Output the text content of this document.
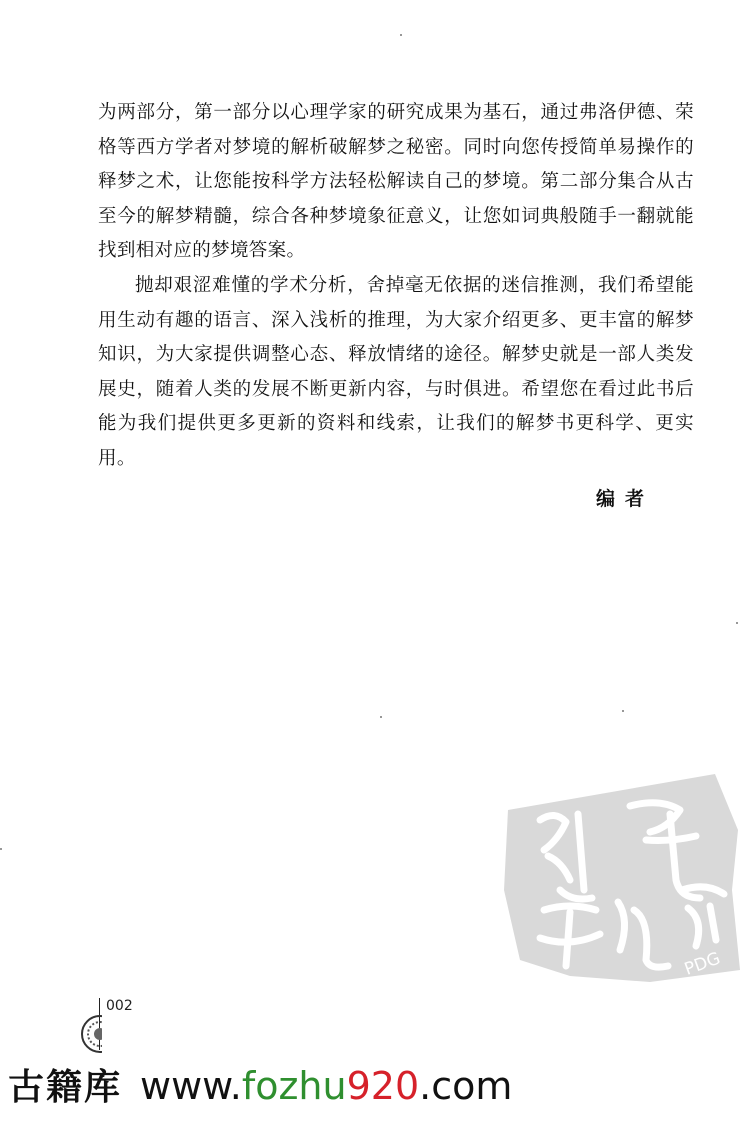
为两部分，第一部分以心理学家的研究成果为基石，通过弗洛伊德、荣格等西方学者对梦境的解析破解梦之秘密。同时向您传授简单易操作的释梦之术，让您能按科学方法轻松解读自己的梦境。第二部分集合从古至今的解梦精髓，综合各种梦境象征意义，让您如词典般随手一翻就能找到相对应的梦境答案。

抛却艰涩难懂的学术分析，舍掉毫无依据的迷信推测，我们希望能用生动有趣的语言、深入浅析的推理，为大家介绍更多、更丰富的解梦知识，为大家提供调整心态、释放情绪的途径。解梦史就是一部人类发展史，随着人类的发展不断更新内容，与时俱进。希望您在看过此书后能为我们提供更多更新的资料和线索，让我们的解梦书更科学、更实用。

编者
PDG
002
古籍库 www.fozhu920.com
